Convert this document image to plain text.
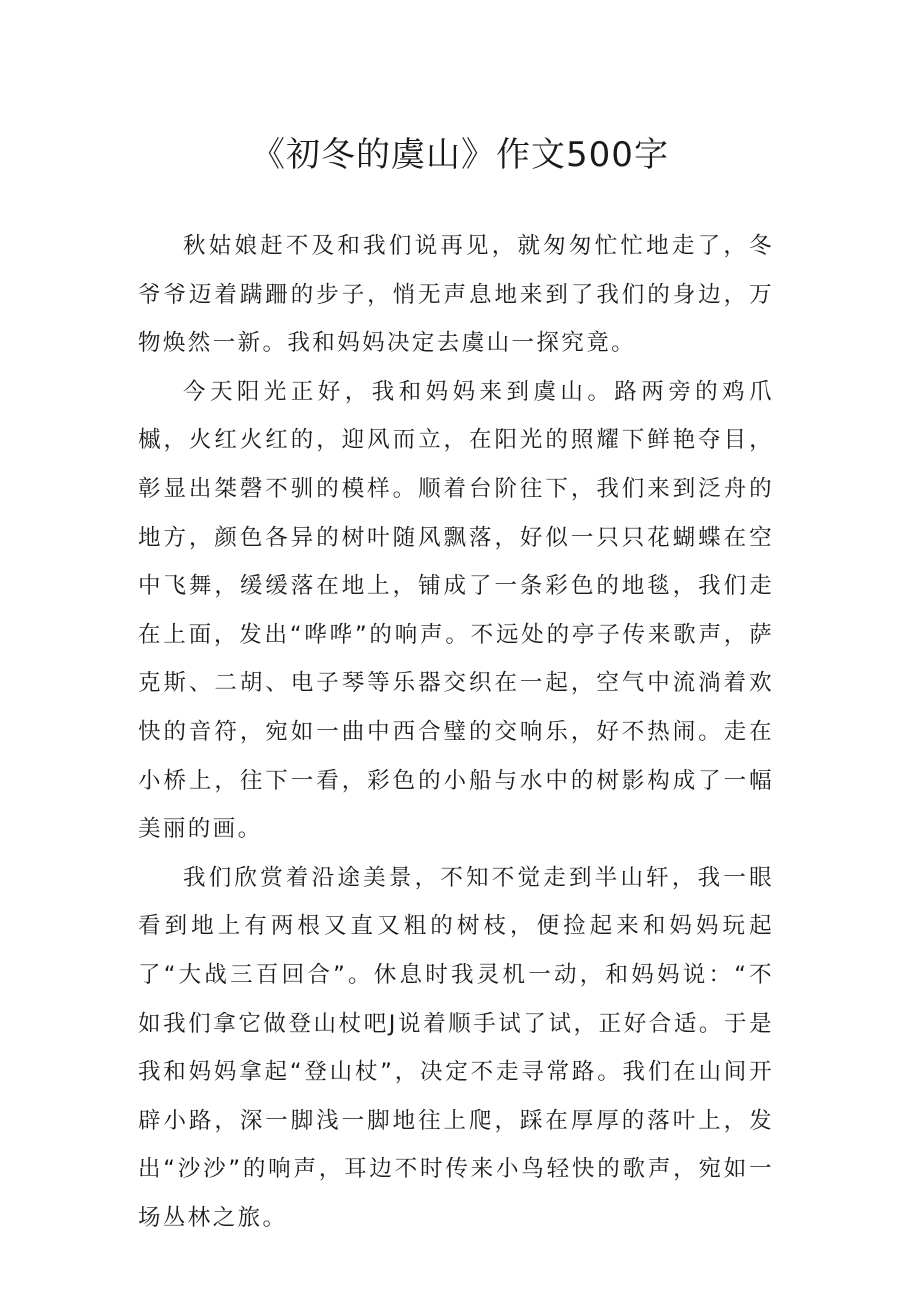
《初冬的虞山》作文500字

秋姑娘赶不及和我们说再见，就匆匆忙忙地走了，冬爷爷迈着蹒跚的步子，悄无声息地来到了我们的身边，万物焕然一新。我和妈妈决定去虞山一探究竟。

今天阳光正好，我和妈妈来到虞山。路两旁的鸡爪槭，火红火红的，迎风而立，在阳光的照耀下鲜艳夺目，彰显出桀磬不驯的模样。顺着台阶往下，我们来到泛舟的地方，颜色各异的树叶随风飘落，好似一只只花蝴蝶在空中飞舞，缓缓落在地上，铺成了一条彩色的地毯，我们走在上面，发出“哗哗”的响声。不远处的亭子传来歌声，萨克斯、二胡、电子琴等乐器交织在一起，空气中流淌着欢快的音符，宛如一曲中西合璧的交响乐，好不热闹。走在小桥上，往下一看，彩色的小船与水中的树影构成了一幅美丽的画。

我们欣赏着沿途美景，不知不觉走到半山轩，我一眼看到地上有两根又直又粗的树枝，便捡起来和妈妈玩起了“大战三百回合”。休息时我灵机一动，和妈妈说：“不如我们拿它做登山杖吧J说着顺手试了试，正好合适。于是我和妈妈拿起“登山杖”，决定不走寻常路。我们在山间开辟小路，深一脚浅一脚地往上爬，踩在厚厚的落叶上，发出“沙沙”的响声，耳边不时传来小鸟轻快的歌声，宛如一场丛林之旅。
